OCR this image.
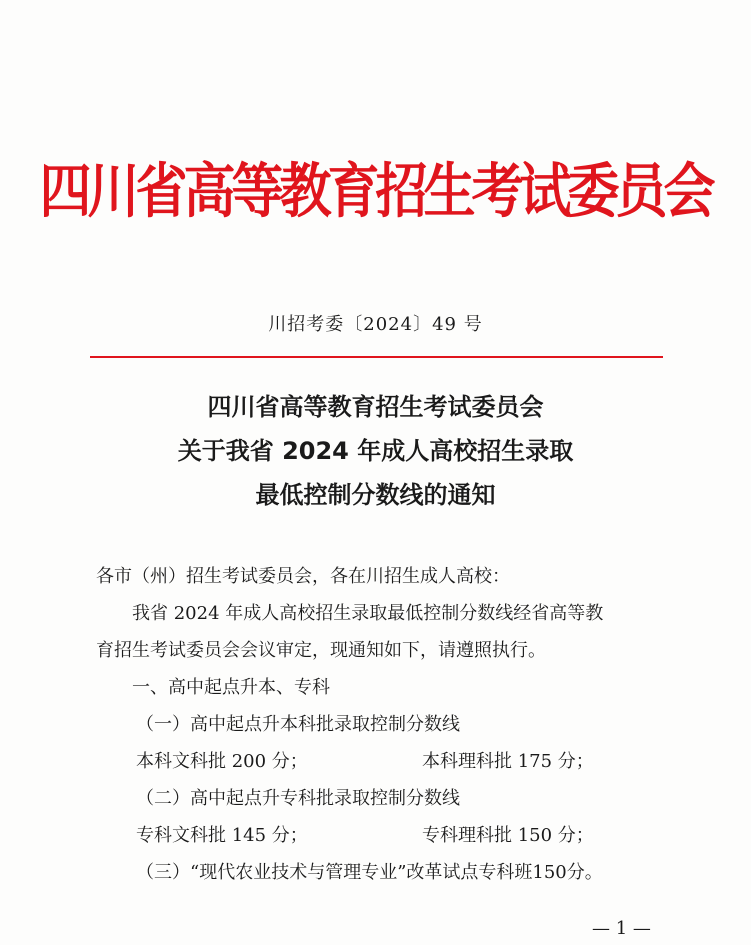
四川省高等教育招生考试委员会
川招考委〔2024〕49 号
四川省高等教育招生考试委员会
关于我省 2024 年成人高校招生录取
最低控制分数线的通知
各市（州）招生考试委员会，各在川招生成人高校：
我省 2024 年成人高校招生录取最低控制分数线经省高等教
育招生考试委员会会议审定，现通知如下，请遵照执行。
一、高中起点升本、专科
（一）高中起点升本科批录取控制分数线
本科文科批 200 分；	本科理科批 175 分；
（二）高中起点升专科批录取控制分数线
专科文科批 145 分；	专科理科批 150 分；
（三）“现代农业技术与管理专业”改革试点专科班150分。
— 1 —
